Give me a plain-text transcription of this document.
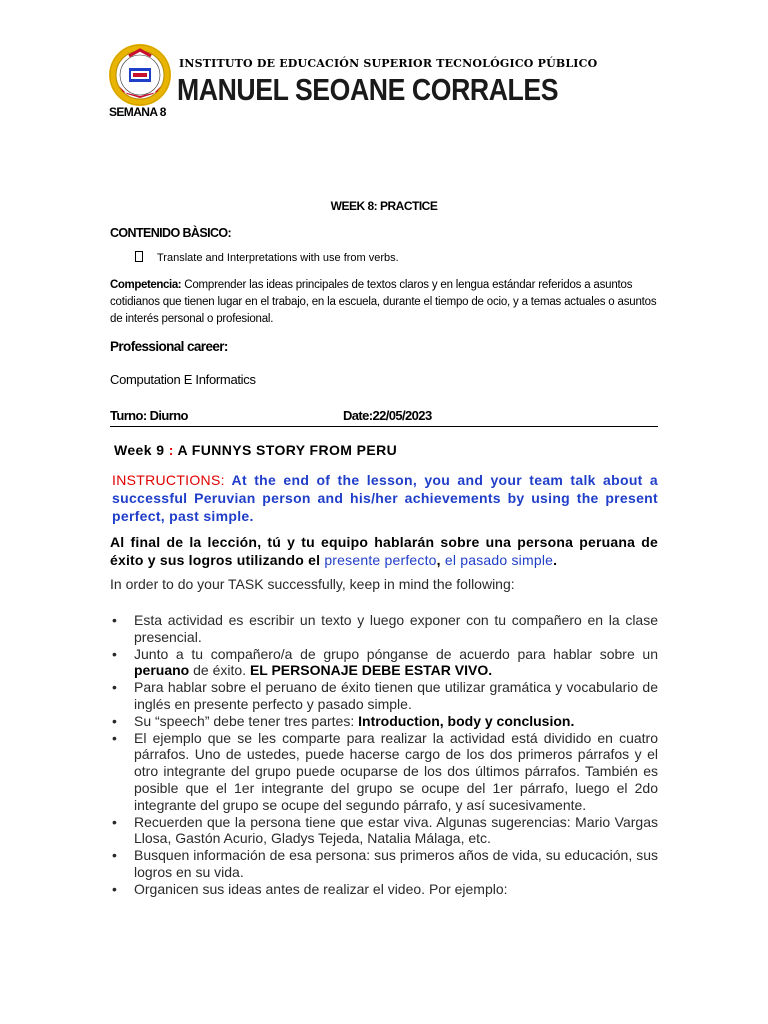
INSTITUTO DE EDUCACIÓN SUPERIOR TECNOLÓGICO PÚBLICO
MANUEL SEOANE CORRALES
SEMANA 8
WEEK 8: PRACTICE
CONTENIDO BÀSICO:
Translate and Interpretations with use from verbs.
Competencia: Comprender las ideas principales de textos claros y en lengua estándar referidos a asuntos cotidianos que tienen lugar en el trabajo, en la escuela, durante el tiempo de ocio, y a temas actuales o asuntos de interés personal o profesional.
Professional career:
Computation E Informatics
Turno: Diurno	Date:22/05/2023
Week 9 : A FUNNYS STORY FROM PERU
INSTRUCTIONS: At the end of the lesson, you and your team talk about a successful Peruvian person and his/her achievements by using the present perfect, past simple.
Al final de la lección, tú y tu equipo hablarán sobre una persona peruana de éxito y sus logros utilizando el presente perfecto, el pasado simple.
In order to do your TASK successfully, keep in mind the following:
• Esta actividad es escribir un texto y luego exponer con tu compañero en la clase presencial.
• Junto a tu compañero/a de grupo pónganse de acuerdo para hablar sobre un peruano de éxito. EL PERSONAJE DEBE ESTAR VIVO.
• Para hablar sobre el peruano de éxito tienen que utilizar gramática y vocabulario de inglés en presente perfecto y pasado simple.
• Su “speech” debe tener tres partes: Introduction, body y conclusion.
• El ejemplo que se les comparte para realizar la actividad está dividido en cuatro párrafos. Uno de ustedes, puede hacerse cargo de los dos primeros párrafos y el otro integrante del grupo puede ocuparse de los dos últimos párrafos. También es posible que el 1er integrante del grupo se ocupe del 1er párrafo, luego el 2do integrante del grupo se ocupe del segundo párrafo, y así sucesivamente.
• Recuerden que la persona tiene que estar viva. Algunas sugerencias: Mario Vargas Llosa, Gastón Acurio, Gladys Tejeda, Natalia Málaga, etc.
• Busquen información de esa persona: sus primeros años de vida, su educación, sus logros en su vida.
• Organicen sus ideas antes de realizar el video. Por ejemplo:
